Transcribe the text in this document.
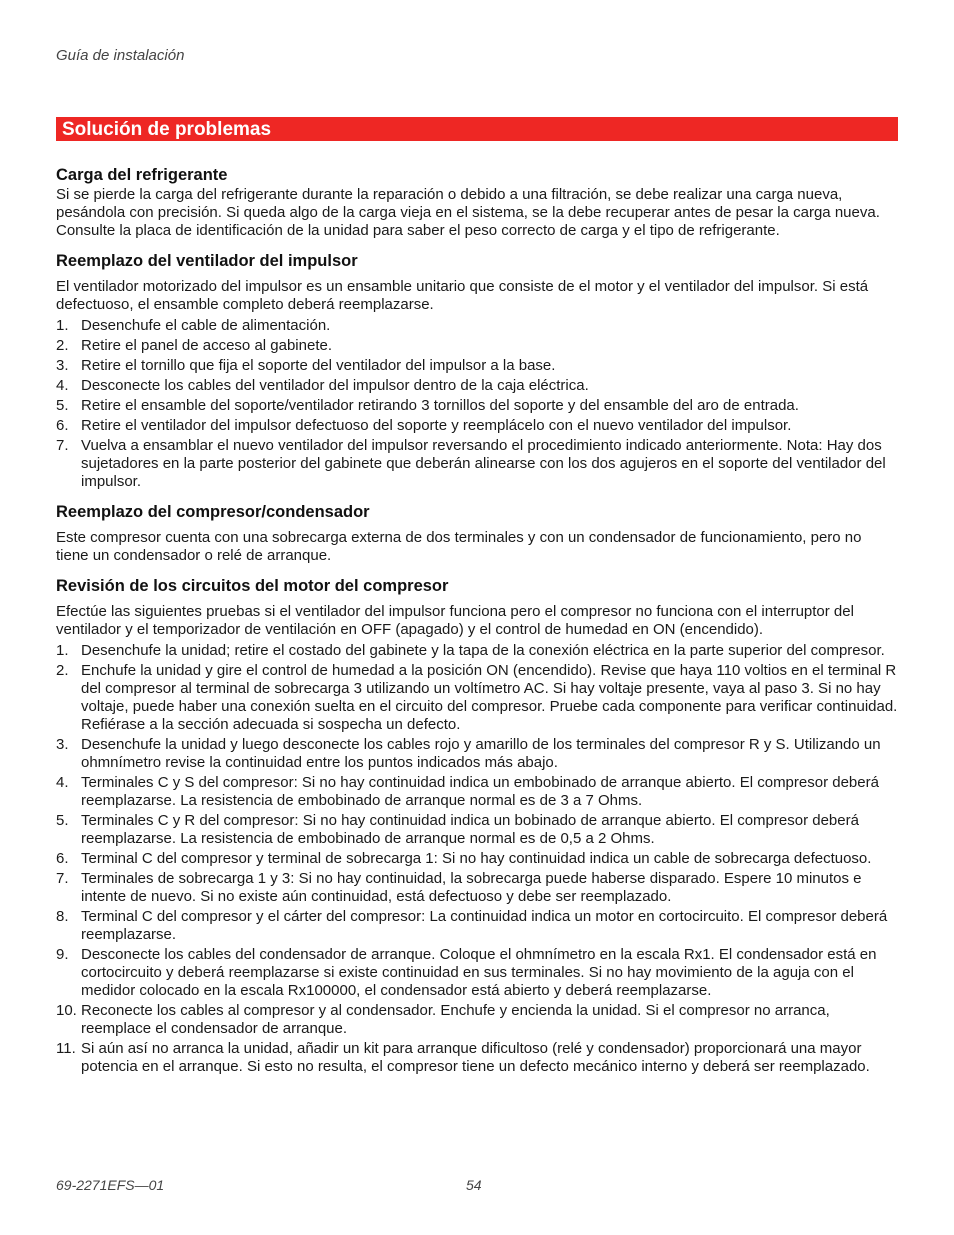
Guía de instalación
Solución de problemas
Carga del refrigerante

Si se pierde la carga del refrigerante durante la reparación o debido a una filtración, se debe realizar una carga nueva, pesándola con precisión. Si queda algo de la carga vieja en el sistema, se la debe recuperar antes de pesar la carga nueva. Consulte la placa de identificación de la unidad para saber el peso correcto de carga y el tipo de refrigerante.

Reemplazo del ventilador del impulsor

El ventilador motorizado del impulsor es un ensamble unitario que consiste de el motor y el ventilador del impulsor. Si está defectuoso, el ensamble completo deberá reemplazarse.

1. Desenchufe el cable de alimentación.
2. Retire el panel de acceso al gabinete.
3. Retire el tornillo que fija el soporte del ventilador del impulsor a la base.
4. Desconecte los cables del ventilador del impulsor dentro de la caja eléctrica.
5. Retire el ensamble del soporte/ventilador retirando 3 tornillos del soporte y del ensamble del aro de entrada.
6. Retire el ventilador del impulsor defectuoso del soporte y reemplácelo con el nuevo ventilador del impulsor.
7. Vuelva a ensamblar el nuevo ventilador del impulsor reversando el procedimiento indicado anteriormente. Nota: Hay dos sujetadores en la parte posterior del gabinete que deberán alinearse con los dos agujeros en el soporte del ventilador del impulsor.
Reemplazo del compresor/condensador

Este compresor cuenta con una sobrecarga externa de dos terminales y con un condensador de funcionamiento, pero no tiene un condensador o relé de arranque.

Revisión de los circuitos del motor del compresor

Efectúe las siguientes pruebas si el ventilador del impulsor funciona pero el compresor no funciona con el interruptor del ventilador y el temporizador de ventilación en OFF (apagado) y el control de humedad en ON (encendido).

1. Desenchufe la unidad; retire el costado del gabinete y la tapa de la conexión eléctrica en la parte superior del compresor.
2. Enchufe la unidad y gire el control de humedad a la posición ON (encendido). Revise que haya 110 voltios en el terminal R del compresor al terminal de sobrecarga 3 utilizando un voltímetro AC. Si hay voltaje presente, vaya al paso 3. Si no hay voltaje, puede haber una conexión suelta en el circuito del compresor. Pruebe cada componente para verificar continuidad. Refiérase a la sección adecuada si sospecha un defecto.
3. Desenchufe la unidad y luego desconecte los cables rojo y amarillo de los terminales del compresor R y S. Utilizando un ohmnímetro revise la continuidad entre los puntos indicados más abajo.
4. Terminales C y S del compresor: Si no hay continuidad indica un embobinado de arranque abierto. El compresor deberá reemplazarse. La resistencia de embobinado de arranque normal es de 3 a 7 Ohms.
5. Terminales C y R del compresor: Si no hay continuidad indica un bobinado de arranque abierto. El compresor deberá reemplazarse. La resistencia de embobinado de arranque normal es de 0,5 a 2 Ohms.
6. Terminal C del compresor y terminal de sobrecarga 1: Si no hay continuidad indica un cable de sobrecarga defectuoso.
7. Terminales de sobrecarga 1 y 3: Si no hay continuidad, la sobrecarga puede haberse disparado. Espere 10 minutos e intente de nuevo. Si no existe aún continuidad, está defectuoso y debe ser reemplazado.
8. Terminal C del compresor y el cárter del compresor: La continuidad indica un motor en cortocircuito. El compresor deberá reemplazarse.
9. Desconecte los cables del condensador de arranque. Coloque el ohmnímetro en la escala Rx1. El condensador está en cortocircuito y deberá reemplazarse si existe continuidad en sus terminales. Si no hay movimiento de la aguja con el medidor colocado en la escala Rx100000, el condensador está abierto y deberá reemplazarse.
10. Reconecte los cables al compresor y al condensador. Enchufe y encienda la unidad. Si el compresor no arranca, reemplace el condensador de arranque.
11. Si aún así no arranca la unidad, añadir un kit para arranque dificultoso (relé y condensador) proporcionará una mayor potencia en el arranque. Si esto no resulta, el compresor tiene un defecto mecánico interno y deberá ser reemplazado.
69-2271EFS—01	54
